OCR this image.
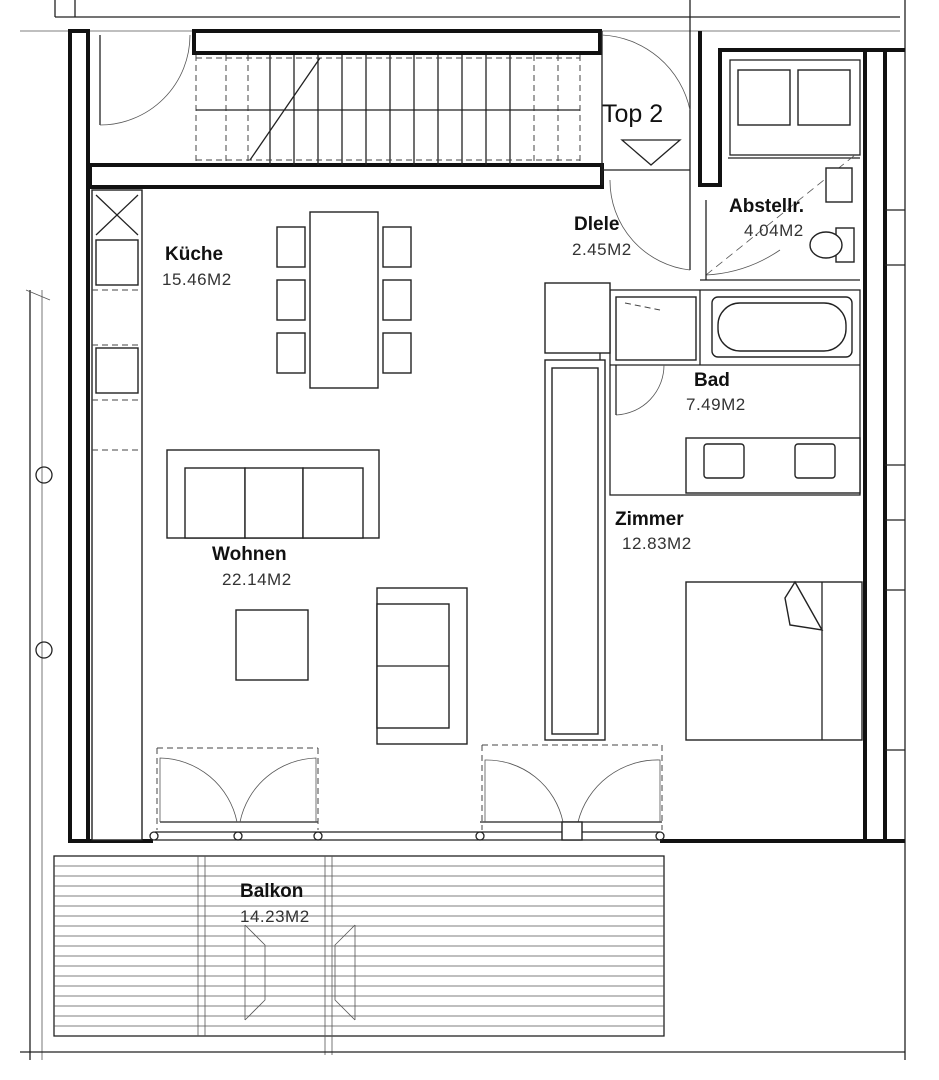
Top 2
Küche
15.46M2
Dlele
2.45M2
Abstellr.
4.04M2
Bad
7.49M2
Zimmer
12.83M2
Wohnen
22.14M2
Balkon
14.23M2
